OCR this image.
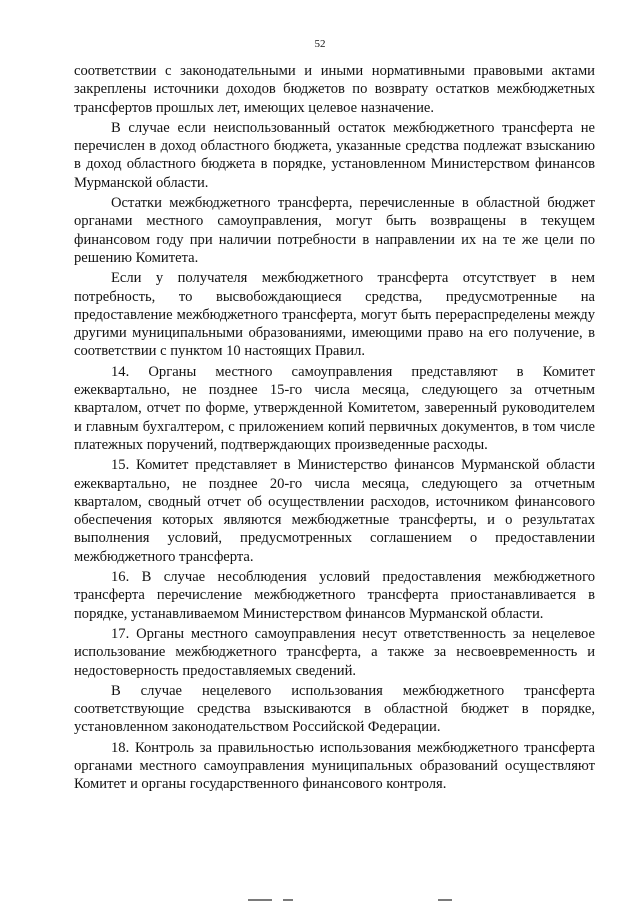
52

соответствии с законодательными и иными нормативными правовыми актами закреплены источники доходов бюджетов по возврату остатков межбюджетных трансфертов прошлых лет, имеющих целевое назначение.

В случае если неиспользованный остаток межбюджетного трансферта не перечислен в доход областного бюджета, указанные средства подлежат взысканию в доход областного бюджета в порядке, установленном Министерством финансов Мурманской области.

Остатки межбюджетного трансферта, перечисленные в областной бюджет органами местного самоуправления, могут быть возвращены в текущем финансовом году при наличии потребности в направлении их на те же цели по решению Комитета.

Если у получателя межбюджетного трансферта отсутствует в нем потребность, то высвобождающиеся средства, предусмотренные на предоставление межбюджетного трансферта, могут быть перераспределены между другими муниципальными образованиями, имеющими право на его получение, в соответствии с пунктом 10 настоящих Правил.

14. Органы местного самоуправления представляют в Комитет ежеквартально, не позднее 15-го числа месяца, следующего за отчетным кварталом, отчет по форме, утвержденной Комитетом, заверенный руководителем и главным бухгалтером, с приложением копий первичных документов, в том числе платежных поручений, подтверждающих произведенные расходы.

15. Комитет представляет в Министерство финансов Мурманской области ежеквартально, не позднее 20-го числа месяца, следующего за отчетным кварталом, сводный отчет об осуществлении расходов, источником финансового обеспечения которых являются межбюджетные трансферты, и о результатах выполнения условий, предусмотренных соглашением о предоставлении межбюджетного трансферта.

16. В случае несоблюдения условий предоставления межбюджетного трансферта перечисление межбюджетного трансферта приостанавливается в порядке, устанавливаемом Министерством финансов Мурманской области.

17. Органы местного самоуправления несут ответственность за нецелевое использование межбюджетного трансферта, а также за несвоевременность и недостоверность предоставляемых сведений.

В случае нецелевого использования межбюджетного трансферта соответствующие средства взыскиваются в областной бюджет в порядке, установленном законодательством Российской Федерации.

18. Контроль за правильностью использования межбюджетного трансферта органами местного самоуправления муниципальных образований осуществляют Комитет и органы государственного финансового контроля.
